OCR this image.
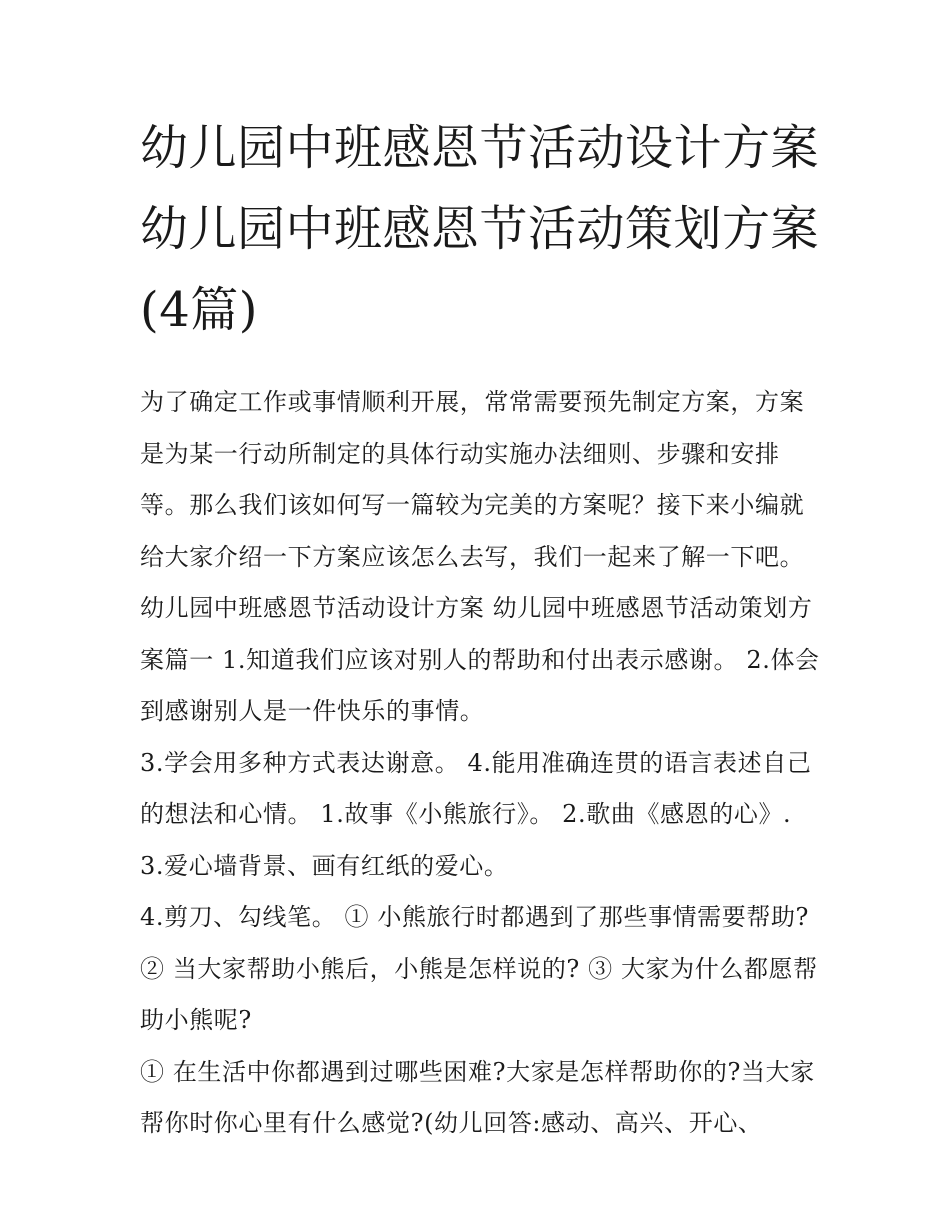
幼儿园中班感恩节活动设计方案 幼儿园中班感恩节活动策划方案(4篇)

为了确定工作或事情顺利开展，常常需要预先制定方案，方案是为某一行动所制定的具体行动实施办法细则、步骤和安排等。那么我们该如何写一篇较为完美的方案呢？接下来小编就给大家介绍一下方案应该怎么去写，我们一起来了解一下吧。

幼儿园中班感恩节活动设计方案 幼儿园中班感恩节活动策划方案篇一 1.知道我们应该对别人的帮助和付出表示感谢。 2.体会到感谢别人是一件快乐的事情。

3.学会用多种方式表达谢意。 4.能用准确连贯的语言表述自己的想法和心情。 1.故事《小熊旅行》。 2.歌曲《感恩的心》. 3.爱心墙背景、画有红纸的爱心。

4.剪刀、勾线笔。 ① 小熊旅行时都遇到了那些事情需要帮助? ② 当大家帮助小熊后，小熊是怎样说的? ③ 大家为什么都愿帮助小熊呢?

① 在生活中你都遇到过哪些困难?大家是怎样帮助你的?当大家帮你时你心里有什么感觉?(幼儿回答:感动、高兴、开心、
